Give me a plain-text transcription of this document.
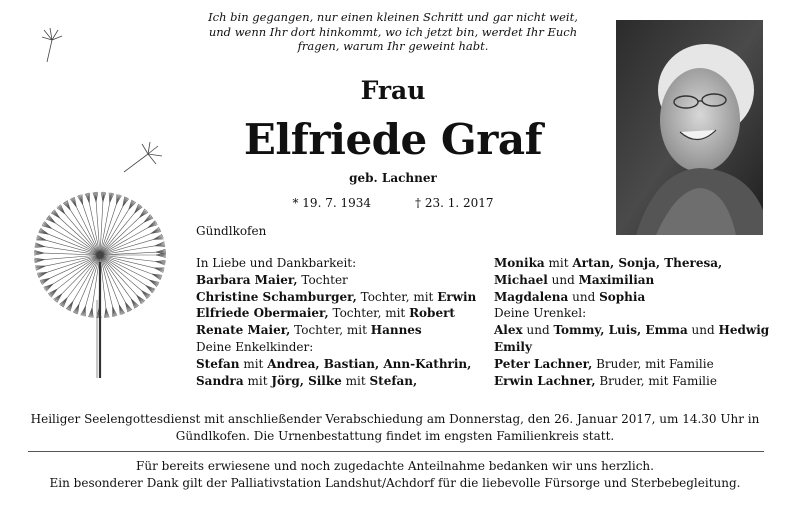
Ich bin gegangen, nur einen kleinen Schritt und gar nicht weit,
und wenn Ihr dort hinkommt, wo ich jetzt bin, werdet Ihr Euch
fragen, warum Ihr geweint habt.
Frau
Elfriede Graf
geb. Lachner
* 19. 7. 1934	† 23. 1. 2017
Gündlkofen
In Liebe und Dankbarkeit:
Barbara Maier, Tochter
Christine Schamburger, Tochter, mit Erwin
Elfriede Obermaier, Tochter, mit Robert
Renate Maier, Tochter, mit Hannes
Deine Enkelkinder:
Stefan mit Andrea, Bastian, Ann-Kathrin,
Sandra mit Jörg, Silke mit Stefan,
Monika mit Artan, Sonja, Theresa,
Michael und Maximilian
Magdalena und Sophia
Deine Urenkel:
Alex und Tommy, Luis, Emma und Hedwig
Emily
Peter Lachner, Bruder, mit Familie
Erwin Lachner, Bruder, mit Familie
Heiliger Seelengottesdienst mit anschließender Verabschiedung am Donnerstag, den 26. Januar 2017, um 14.30 Uhr in
Gündlkofen. Die Urnenbestattung findet im engsten Familienkreis statt.
Für bereits erwiesene und noch zugedachte Anteilnahme bedanken wir uns herzlich.
Ein besonderer Dank gilt der Palliativstation Landshut/Achdorf für die liebevolle Fürsorge und Sterbebegleitung.
